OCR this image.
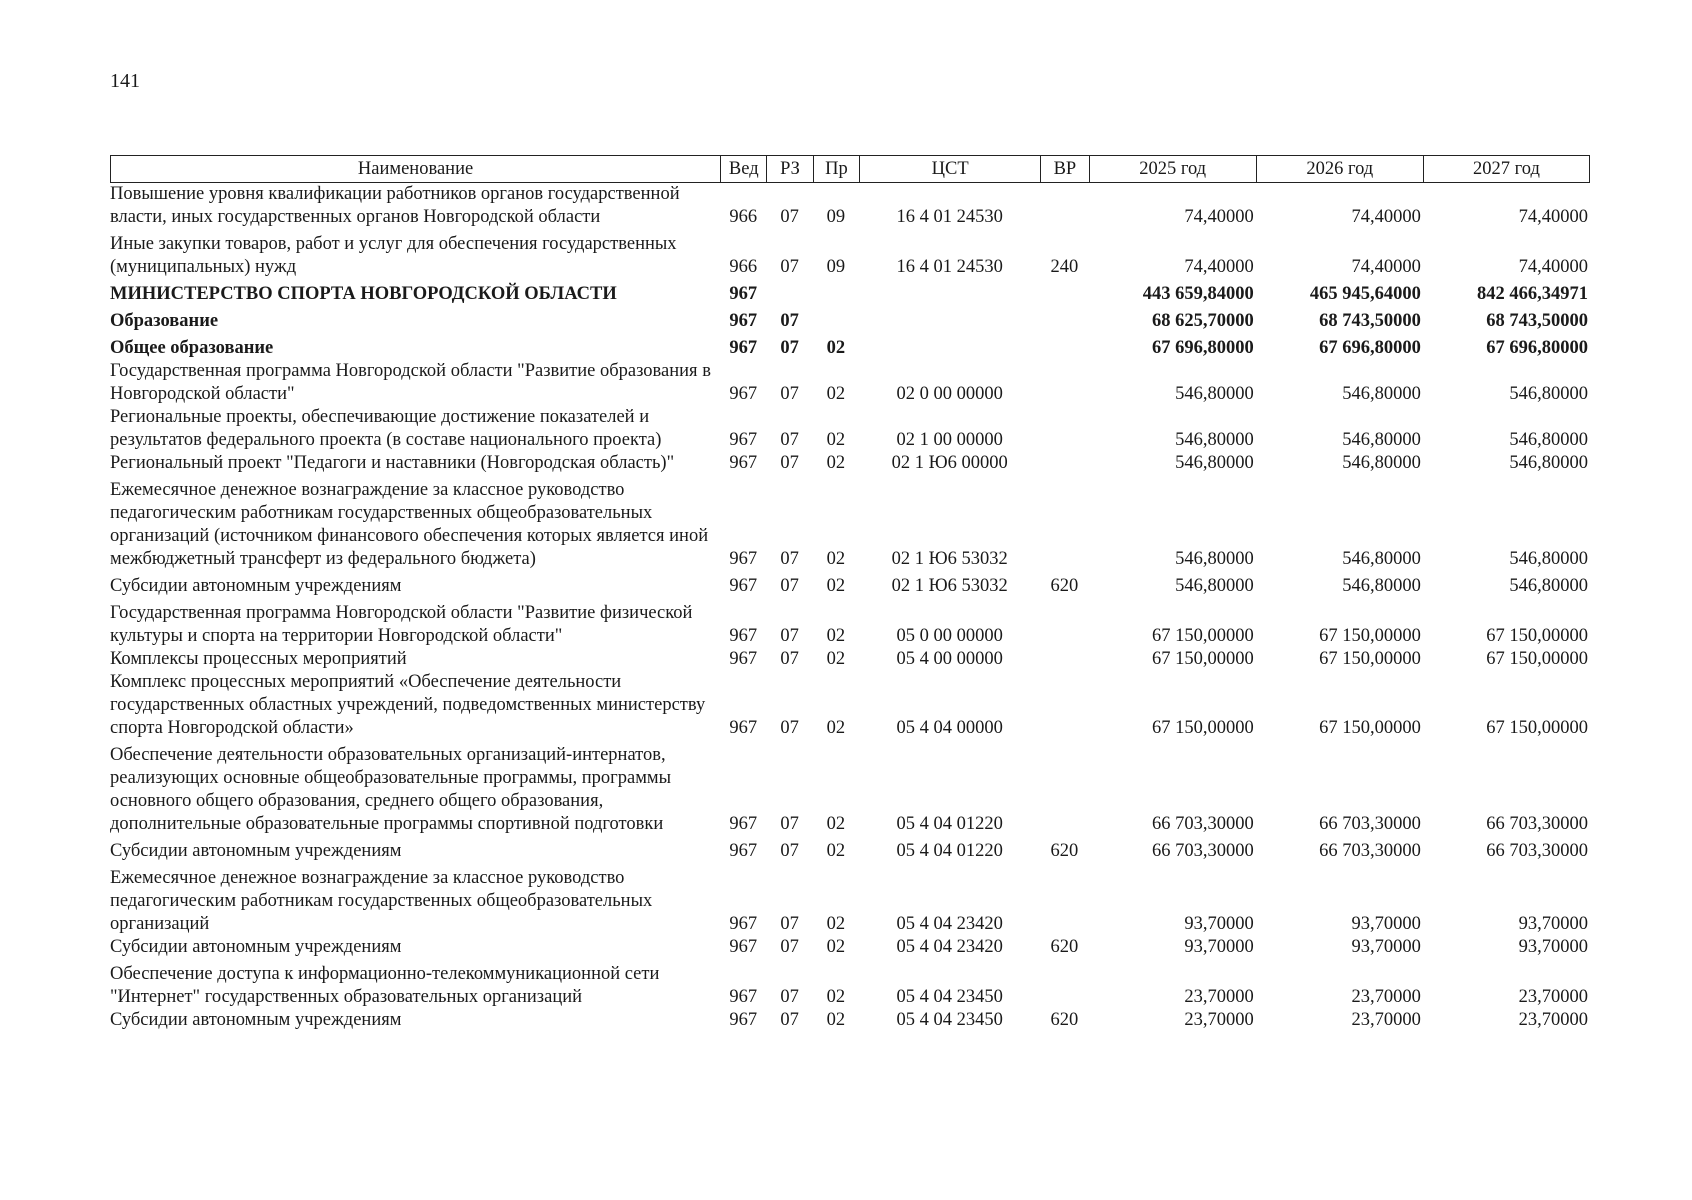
141
Наименование	Вед	РЗ	Пр	ЦСТ	ВР	2025 год	2026 год	2027 год
Повышение уровня квалификации работников органов государственной власти, иных государственных органов Новгородской области	966	07	09	16 4 01 24530		74,40000	74,40000	74,40000
Иные закупки товаров, работ и услуг для обеспечения государственных (муниципальных) нужд	966	07	09	16 4 01 24530	240	74,40000	74,40000	74,40000
МИНИСТЕРСТВО СПОРТА НОВГОРОДСКОЙ ОБЛАСТИ	967					443 659,84000	465 945,64000	842 466,34971
Образование	967	07				68 625,70000	68 743,50000	68 743,50000
Общее образование	967	07	02			67 696,80000	67 696,80000	67 696,80000
Государственная программа Новгородской области "Развитие образования в Новгородской области"	967	07	02	02 0 00 00000		546,80000	546,80000	546,80000
Региональные проекты, обеспечивающие достижение показателей и результатов федерального проекта (в составе национального проекта)	967	07	02	02 1 00 00000		546,80000	546,80000	546,80000
Региональный проект "Педагоги и наставники (Новгородская область)"	967	07	02	02 1 Ю6 00000		546,80000	546,80000	546,80000
Ежемесячное денежное вознаграждение за классное руководство педагогическим работникам государственных общеобразовательных организаций (источником финансового обеспечения которых является иной межбюджетный трансферт из федерального бюджета)	967	07	02	02 1 Ю6 53032		546,80000	546,80000	546,80000
Субсидии автономным учреждениям	967	07	02	02 1 Ю6 53032	620	546,80000	546,80000	546,80000
Государственная программа Новгородской области "Развитие физической культуры и спорта на территории Новгородской области"	967	07	02	05 0 00 00000		67 150,00000	67 150,00000	67 150,00000
Комплексы процессных мероприятий	967	07	02	05 4 00 00000		67 150,00000	67 150,00000	67 150,00000
Комплекс процессных мероприятий «Обеспечение деятельности государственных областных учреждений, подведомственных министерству спорта Новгородской области»	967	07	02	05 4 04 00000		67 150,00000	67 150,00000	67 150,00000
Обеспечение деятельности образовательных организаций-интернатов, реализующих основные общеобразовательные программы, программы основного общего образования, среднего общего образования, дополнительные образовательные программы спортивной подготовки	967	07	02	05 4 04 01220		66 703,30000	66 703,30000	66 703,30000
Субсидии автономным учреждениям	967	07	02	05 4 04 01220	620	66 703,30000	66 703,30000	66 703,30000
Ежемесячное денежное вознаграждение за классное руководство педагогическим работникам государственных общеобразовательных организаций	967	07	02	05 4 04 23420		93,70000	93,70000	93,70000
Субсидии автономным учреждениям	967	07	02	05 4 04 23420	620	93,70000	93,70000	93,70000
Обеспечение доступа к информационно-телекоммуникационной сети "Интернет" государственных образовательных организаций	967	07	02	05 4 04 23450		23,70000	23,70000	23,70000
Субсидии автономным учреждениям	967	07	02	05 4 04 23450	620	23,70000	23,70000	23,70000
